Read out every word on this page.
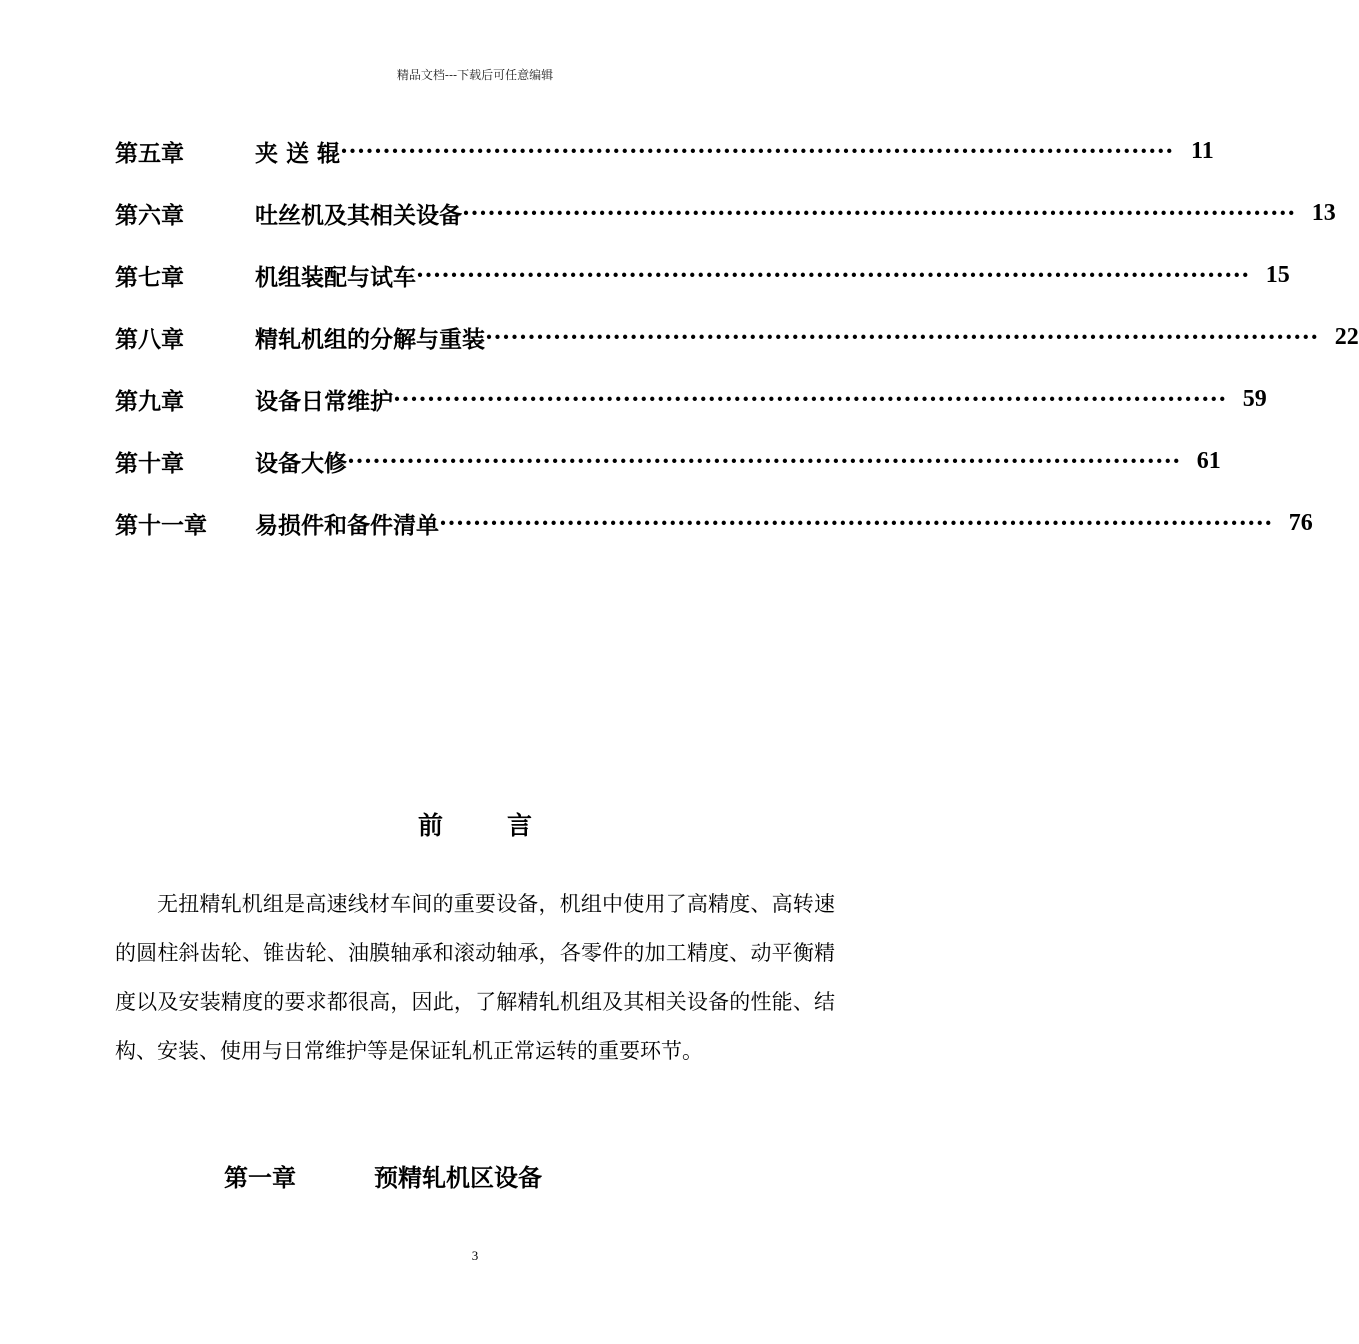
精品文档---下载后可任意编辑
第五章	夹 送 辊 ·································································································· 11
第六章	吐丝机及其相关设备 ·································································································· 13
第七章	机组装配与试车 ·································································································· 15
第八章	精轧机组的分解与重装 ·································································································· 22
第九章	设备日常维护 ·································································································· 59
第十章	设备大修 ·································································································· 61
第十一章	易损件和备件清单 ·································································································· 76
前	言
无扭精轧机组是高速线材车间的重要设备，机组中使用了高精度、高转速的圆柱斜齿轮、锥齿轮、油膜轴承和滚动轴承，各零件的加工精度、动平衡精度以及安装精度的要求都很高，因此，了解精轧机组及其相关设备的性能、结构、安装、使用与日常维护等是保证轧机正常运转的重要环节。
第一章	预精轧机区设备
3
